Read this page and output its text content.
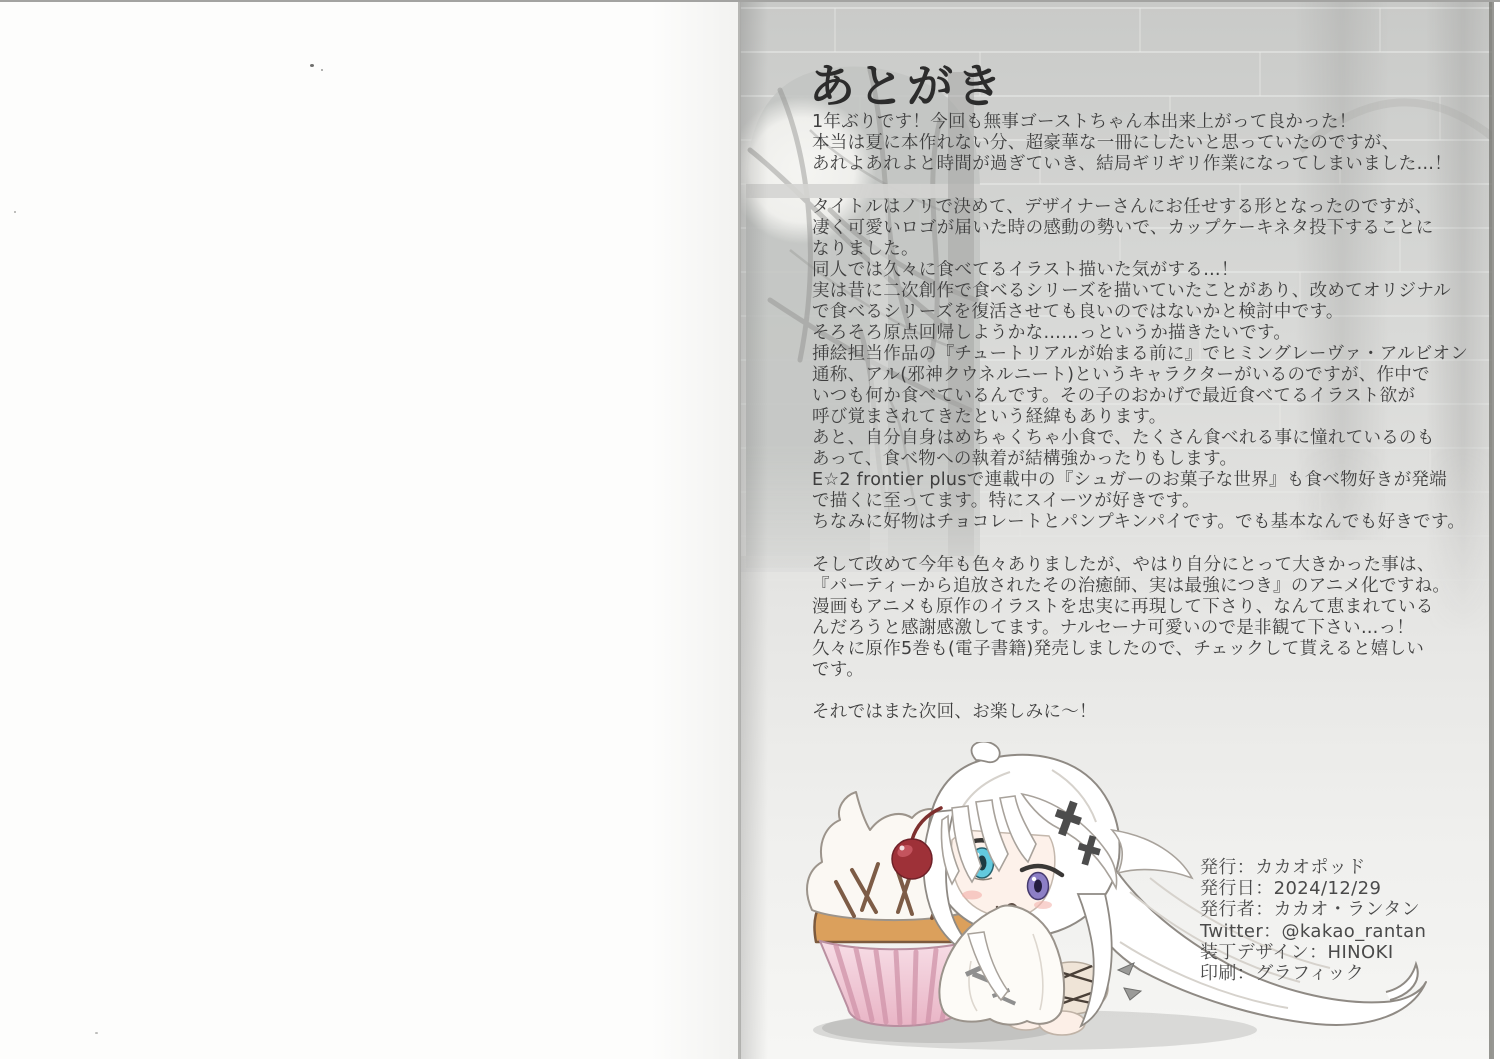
あとがき
1年ぶりです！今回も無事ゴーストちゃん本出来上がって良かった！
本当は夏に本作れない分、超豪華な一冊にしたいと思っていたのですが、
あれよあれよと時間が過ぎていき、結局ギリギリ作業になってしまいました…！
タイトルはノリで決めて、デザイナーさんにお任せする形となったのですが、
凄く可愛いロゴが届いた時の感動の勢いで、カップケーキネタ投下することに
なりました。
同人では久々に食べてるイラスト描いた気がする…！
実は昔に二次創作で食べるシリーズを描いていたことがあり、改めてオリジナル
で食べるシリーズを復活させても良いのではないかと検討中です。
そろそろ原点回帰しようかな……っというか描きたいです。
挿絵担当作品の『チュートリアルが始まる前に』でヒミングレーヴァ・アルビオン
通称、アル(邪神クウネルニート)というキャラクターがいるのですが、作中で
いつも何か食べているんです。その子のおかげで最近食べてるイラスト欲が
呼び覚まされてきたという経緯もあります。
あと、自分自身はめちゃくちゃ小食で、たくさん食べれる事に憧れているのも
あって、食べ物への執着が結構強かったりもします。
E☆2 frontier plusで連載中の『シュガーのお菓子な世界』も食べ物好きが発端
で描くに至ってます。特にスイーツが好きです。
ちなみに好物はチョコレートとパンプキンパイです。でも基本なんでも好きです。
そして改めて今年も色々ありましたが、やはり自分にとって大きかった事は、
『パーティーから追放されたその治癒師、実は最強につき』のアニメ化ですね。
漫画もアニメも原作のイラストを忠実に再現して下さり、なんて恵まれている
んだろうと感謝感激してます。ナルセーナ可愛いので是非観て下さい…っ！
久々に原作5巻も(電子書籍)発売しましたので、チェックして貰えると嬉しい
です。
それではまた次回、お楽しみに～！
発行：カカオポッド
発行日：2024/12/29
発行者：カカオ・ランタン
Twitter：@kakao_rantan
装丁デザイン：HINOKI
印刷：グラフィック
